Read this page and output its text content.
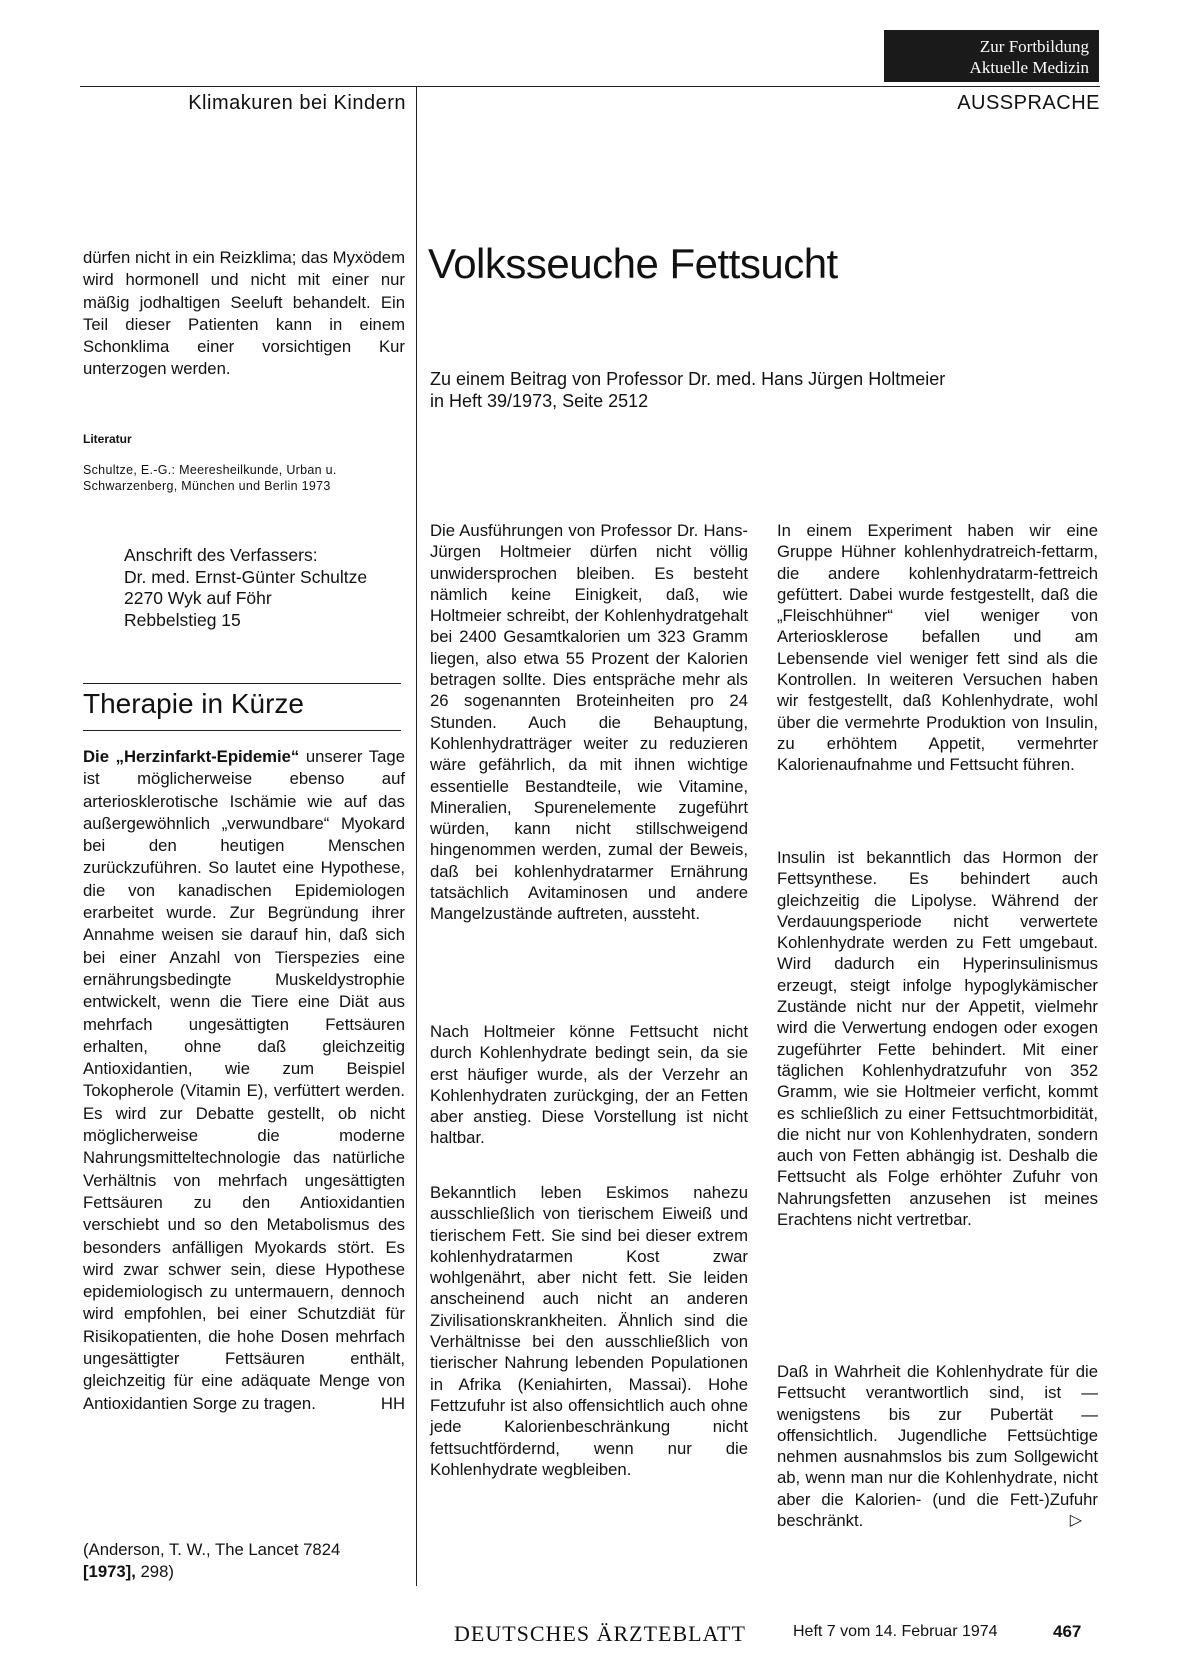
Zur Fortbildung
Aktuelle Medizin
Klimakuren bei Kindern	AUSSPRACHE
dürfen nicht in ein Reizklima; das Myxödem wird hormonell und nicht mit einer nur mäßig jodhaltigen Seeluft behandelt. Ein Teil dieser Patienten kann in einem Schonklima einer vorsichtigen Kur unterzogen werden.
Literatur
Schultze, E.-G.: Meeresheilkunde, Urban u. Schwarzenberg, München und Berlin 1973
Anschrift des Verfassers:
Dr. med. Ernst-Günter Schultze
2270 Wyk auf Föhr
Rebbelstieg 15
Therapie in Kürze
Die „Herzinfarkt-Epidemie“ unserer Tage ist möglicherweise ebenso auf arteriosklerotische Ischämie wie auf das außergewöhnlich „verwundbare“ Myokard bei den heutigen Menschen zurückzuführen. So lautet eine Hypothese, die von kanadischen Epidemiologen erarbeitet wurde. Zur Begründung ihrer Annahme weisen sie darauf hin, daß sich bei einer Anzahl von Tierspezies eine ernährungsbedingte Muskeldystrophie entwickelt, wenn die Tiere eine Diät aus mehrfach ungesättigten Fettsäuren erhalten, ohne daß gleichzeitig Antioxidantien, wie zum Beispiel Tokopherole (Vitamin E), verfüttert werden. Es wird zur Debatte gestellt, ob nicht möglicherweise die moderne Nahrungsmitteltechnologie das natürliche Verhältnis von mehrfach ungesättigten Fettsäuren zu den Antioxidantien verschiebt und so den Metabolismus des besonders anfälligen Myokards stört. Es wird zwar schwer sein, diese Hypothese epidemiologisch zu untermauern, dennoch wird empfohlen, bei einer Schutzdiät für Risikopatienten, die hohe Dosen mehrfach ungesättigter Fettsäuren enthält, gleichzeitig für eine adäquate Menge von Antioxidantien Sorge zu tragen.	HH
(Anderson, T. W., The Lancet 7824
[1973], 298)
Volksseuche Fettsucht
Zu einem Beitrag von Professor Dr. med. Hans Jürgen Holtmeier
in Heft 39/1973, Seite 2512

Die Ausführungen von Professor Dr. Hans-Jürgen Holtmeier dürfen nicht völlig unwidersprochen bleiben. Es besteht nämlich keine Einigkeit, daß, wie Holtmeier schreibt, der Kohlenhydratgehalt bei 2400 Gesamtkalorien um 323 Gramm liegen, also etwa 55 Prozent der Kalorien betragen sollte. Dies entspräche mehr als 26 sogenannten Broteinheiten pro 24 Stunden. Auch die Behauptung, Kohlenhydratträger weiter zu reduzieren wäre gefährlich, da mit ihnen wichtige essentielle Bestandteile, wie Vitamine, Mineralien, Spurenelemente zugeführt würden, kann nicht stillschweigend hingenommen werden, zumal der Beweis, daß bei kohlenhydratarmer Ernährung tatsächlich Avitaminosen und andere Mangelzustände auftreten, aussteht.

Nach Holtmeier könne Fettsucht nicht durch Kohlenhydrate bedingt sein, da sie erst häufiger wurde, als der Verzehr an Kohlenhydraten zurückging, der an Fetten aber anstieg. Diese Vorstellung ist nicht haltbar.

Bekanntlich leben Eskimos nahezu ausschließlich von tierischem Eiweiß und tierischem Fett. Sie sind bei dieser extrem kohlenhydratarmen Kost zwar wohlgenährt, aber nicht fett. Sie leiden anscheinend auch nicht an anderen Zivilisationskrankheiten. Ähnlich sind die Verhältnisse bei den ausschließlich von tierischer Nahrung lebenden Populationen in Afrika (Keniahirten, Massai). Hohe Fettzufuhr ist also offensichtlich auch ohne jede Kalorienbeschränkung nicht fettsuchtfördernd, wenn nur die Kohlenhydrate wegbleiben.

In einem Experiment haben wir eine Gruppe Hühner kohlenhydratreich-fettarm, die andere kohlenhydratarm-fettreich gefüttert. Dabei wurde festgestellt, daß die „Fleischhühner“ viel weniger von Arteriosklerose befallen und am Lebensende viel weniger fett sind als die Kontrollen. In weiteren Versuchen haben wir festgestellt, daß Kohlenhydrate, wohl über die vermehrte Produktion von Insulin, zu erhöhtem Appetit, vermehrter Kalorienaufnahme und Fettsucht führen.

Insulin ist bekanntlich das Hormon der Fettsynthese. Es behindert auch gleichzeitig die Lipolyse. Während der Verdauungsperiode nicht verwertete Kohlenhydrate werden zu Fett umgebaut. Wird dadurch ein Hyperinsulinismus erzeugt, steigt infolge hypoglykämischer Zustände nicht nur der Appetit, vielmehr wird die Verwertung endogen oder exogen zugeführter Fette behindert. Mit einer täglichen Kohlenhydratzufuhr von 352 Gramm, wie sie Holtmeier verficht, kommt es schließlich zu einer Fettsuchtmorbidität, die nicht nur von Kohlenhydraten, sondern auch von Fetten abhängig ist. Deshalb die Fettsucht als Folge erhöhter Zufuhr von Nahrungsfetten anzusehen ist meines Erachtens nicht vertretbar.

Daß in Wahrheit die Kohlenhydrate für die Fettsucht verantwortlich sind, ist — wenigstens bis zur Pubertät — offensichtlich. Jugendliche Fettsüchtige nehmen ausnahmslos bis zum Sollgewicht ab, wenn man nur die Kohlenhydrate, nicht aber die Kalorien- (und die Fett-)Zufuhr beschränkt.	▷
DEUTSCHES ÄRZTEBLATT	Heft 7 vom 14. Februar 1974	467
